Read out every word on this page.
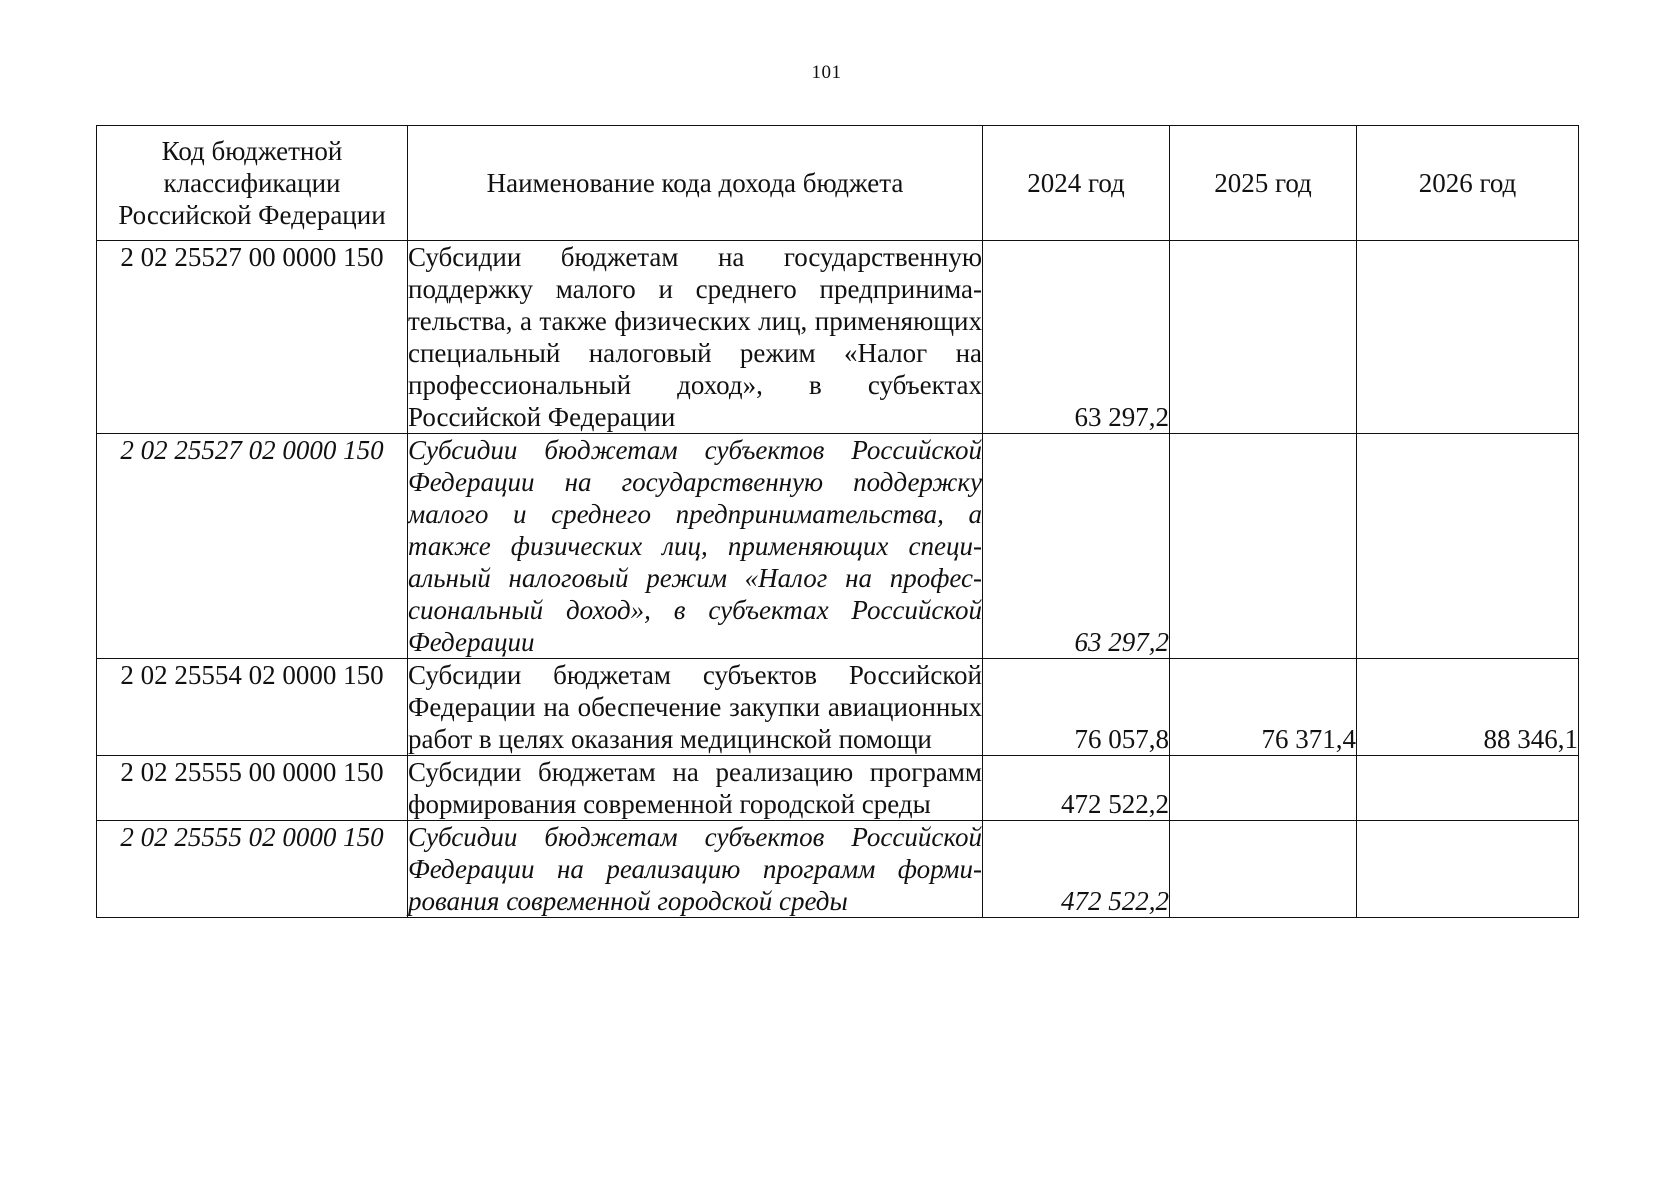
101
Код бюджетной классификации Российской Федерации	Наименование кода дохода бюджета	2024 год	2025 год	2026 год
2 02 25527 00 0000 150	Субсидии бюджетам на государственную поддержку малого и среднего предпринимательства, а также физических лиц, применяющих специальный налоговый режим «Налог на профессиональный доход», в субъектах Российской Федерации	63 297,2		
2 02 25527 02 0000 150	Субсидии бюджетам субъектов Российской Федерации на государственную поддержку малого и среднего предпринимательства, а также физических лиц, применяющих специальный налоговый режим «Налог на профессиональный доход», в субъектах Российской Федерации	63 297,2		
2 02 25554 02 0000 150	Субсидии бюджетам субъектов Российской Федерации на обеспечение закупки авиационных работ в целях оказания медицинской помощи	76 057,8	76 371,4	88 346,1
2 02 25555 00 0000 150	Субсидии бюджетам на реализацию программ формирования современной городской среды	472 522,2		
2 02 25555 02 0000 150	Субсидии бюджетам субъектов Российской Федерации на реализацию программ формирования современной городской среды	472 522,2		
